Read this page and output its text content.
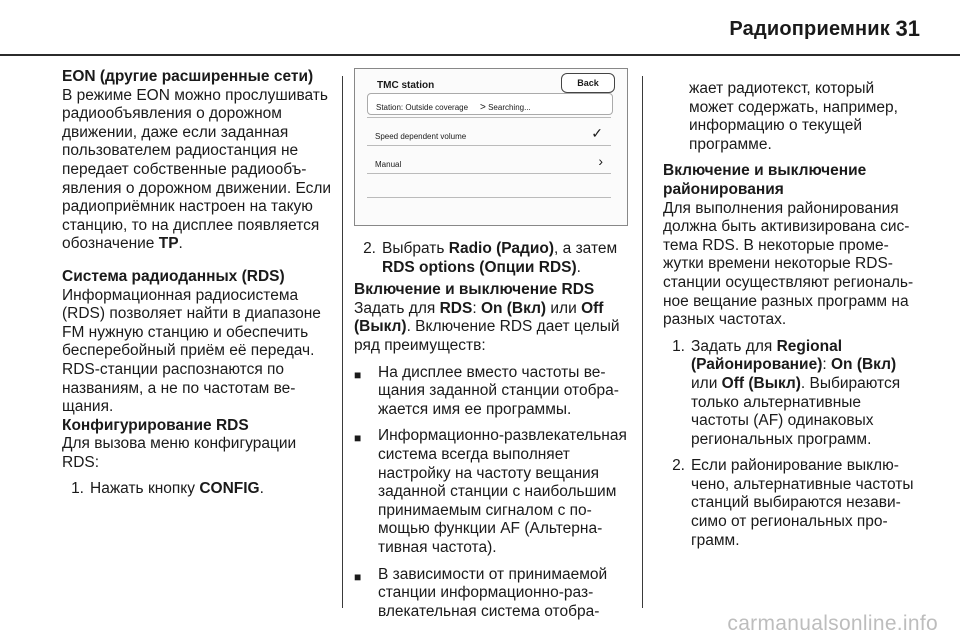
Радиоприемник 31
EON (другие расширенные сети)
В режиме EON можно прослушивать радиообъявления о дорожном движении, даже если заданная пользователем радиостанция не передает собственные радиообъявления о дорожном движении. Если радиоприёмник настроен на такую станцию, то на дисплее появляется обозначение TP.
Система радиоданных (RDS)
Информационная радиосистема (RDS) позволяет найти в диапазоне FM нужную станцию и обеспечить бесперебойный приём её передач. RDS-станции распознаются по названиям, а не по частотам вещания.
Конфигурирование RDS
Для вызова меню конфигурации RDS:
1. Нажать кнопку CONFIG.
TMC station	Back
Station: Outside coverage > Searching...
Speed dependent volume	✓
Manual	›
2. Выбрать Radio (Радио), а затем RDS options (Опции RDS).
Включение и выключение RDS
Задать для RDS: On (Вкл) или Off (Выкл). Включение RDS дает целый ряд преимуществ:
■	На дисплее вместо частоты вещания заданной станции отображается имя ее программы.
■	Информационно-развлекательная система всегда выполняет настройку на частоту вещания заданной станции с наибольшим принимаемым сигналом с помощью функции AF (Альтернативная частота).
■	В зависимости от принимаемой станции информационно-развлекательная система отобра-
жает радиотекст, который может содержать, например, информацию о текущей программе.
Включение и выключение районирования
Для выполнения районирования должна быть активизирована система RDS. В некоторые промежутки времени некоторые RDS-станции осуществляют региональное вещание разных программ на разных частотах.
1. Задать для Regional (Районирование): On (Вкл) или Off (Выкл). Выбираются только альтернативные частоты (AF) одинаковых региональных программ.
2. Если районирование выключено, альтернативные частоты станций выбираются независимо от региональных программ.
carmanualsonline.info
